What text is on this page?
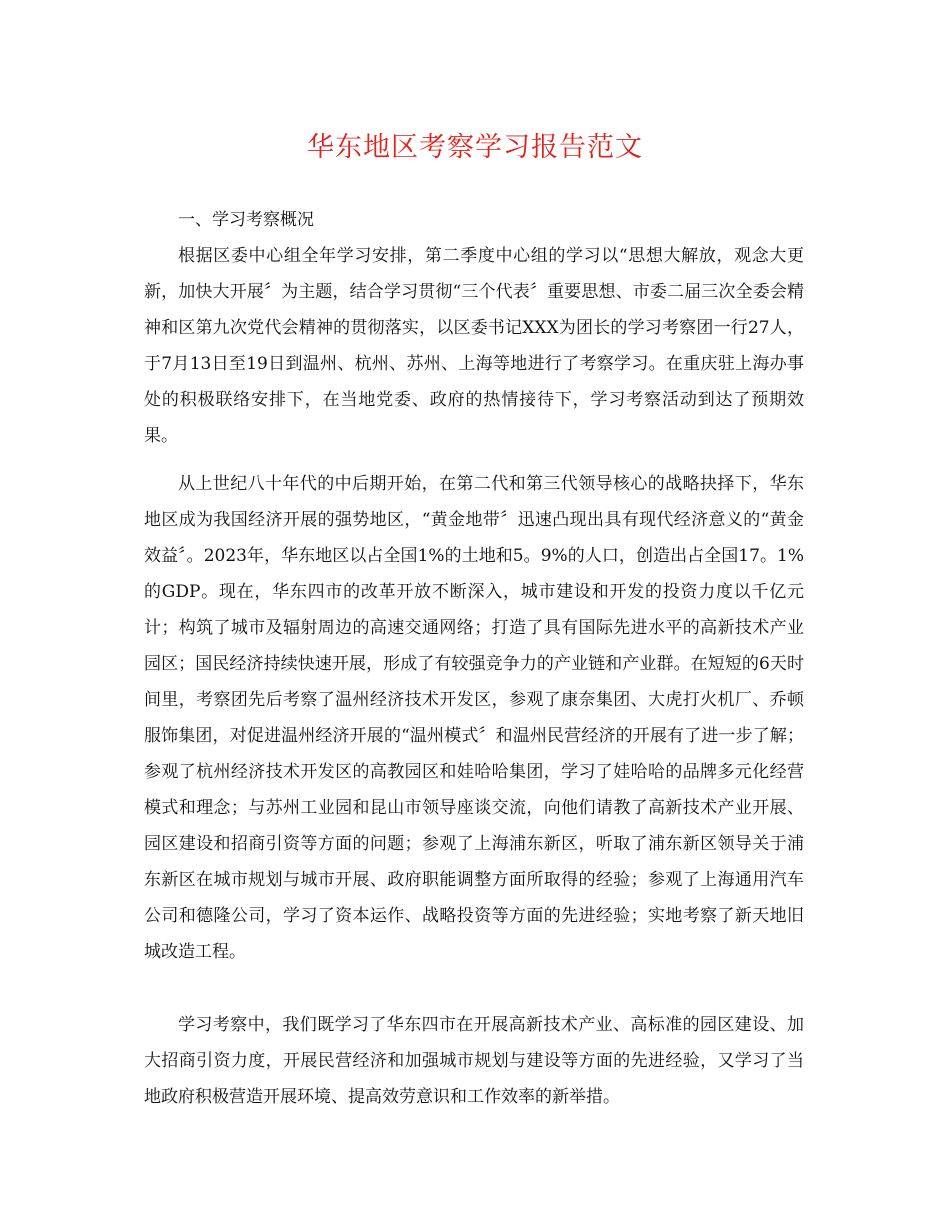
华东地区考察学习报告范文

一、学习考察概况

根据区委中心组全年学习安排，第二季度中心组的学习以“思想大解放，观念大更新，加快大开展〞为主题，结合学习贯彻“三个代表〞重要思想、市委二届三次全委会精神和区第九次党代会精神的贯彻落实，以区委书记XXX为团长的学习考察团一行27人，于7月13日至19日到温州、杭州、苏州、上海等地进行了考察学习。在重庆驻上海办事处的积极联络安排下，在当地党委、政府的热情接待下，学习考察活动到达了预期效果。

从上世纪八十年代的中后期开始，在第二代和第三代领导核心的战略抉择下，华东地区成为我国经济开展的强势地区，“黄金地带〞迅速凸现出具有现代经济意义的“黄金效益〞。2023年，华东地区以占全国1%的土地和5。9%的人口，创造出占全国17。1%的GDP。现在，华东四市的改革开放不断深入，城市建设和开发的投资力度以千亿元计；构筑了城市及辐射周边的高速交通网络；打造了具有国际先进水平的高新技术产业园区；国民经济持续快速开展，形成了有较强竞争力的产业链和产业群。在短短的6天时间里，考察团先后考察了温州经济技术开发区，参观了康奈集团、大虎打火机厂、乔顿服饰集团，对促进温州经济开展的“温州模式〞和温州民营经济的开展有了进一步了解；参观了杭州经济技术开发区的高教园区和娃哈哈集团，学习了娃哈哈的品牌多元化经营模式和理念；与苏州工业园和昆山市领导座谈交流，向他们请教了高新技术产业开展、园区建设和招商引资等方面的问题；参观了上海浦东新区，听取了浦东新区领导关于浦东新区在城市规划与城市开展、政府职能调整方面所取得的经验；参观了上海通用汽车公司和德隆公司，学习了资本运作、战略投资等方面的先进经验；实地考察了新天地旧城改造工程。

学习考察中，我们既学习了华东四市在开展高新技术产业、高标准的园区建设、加大招商引资力度，开展民营经济和加强城市规划与建设等方面的先进经验，又学习了当地政府积极营造开展环境、提高效劳意识和工作效率的新举措。
